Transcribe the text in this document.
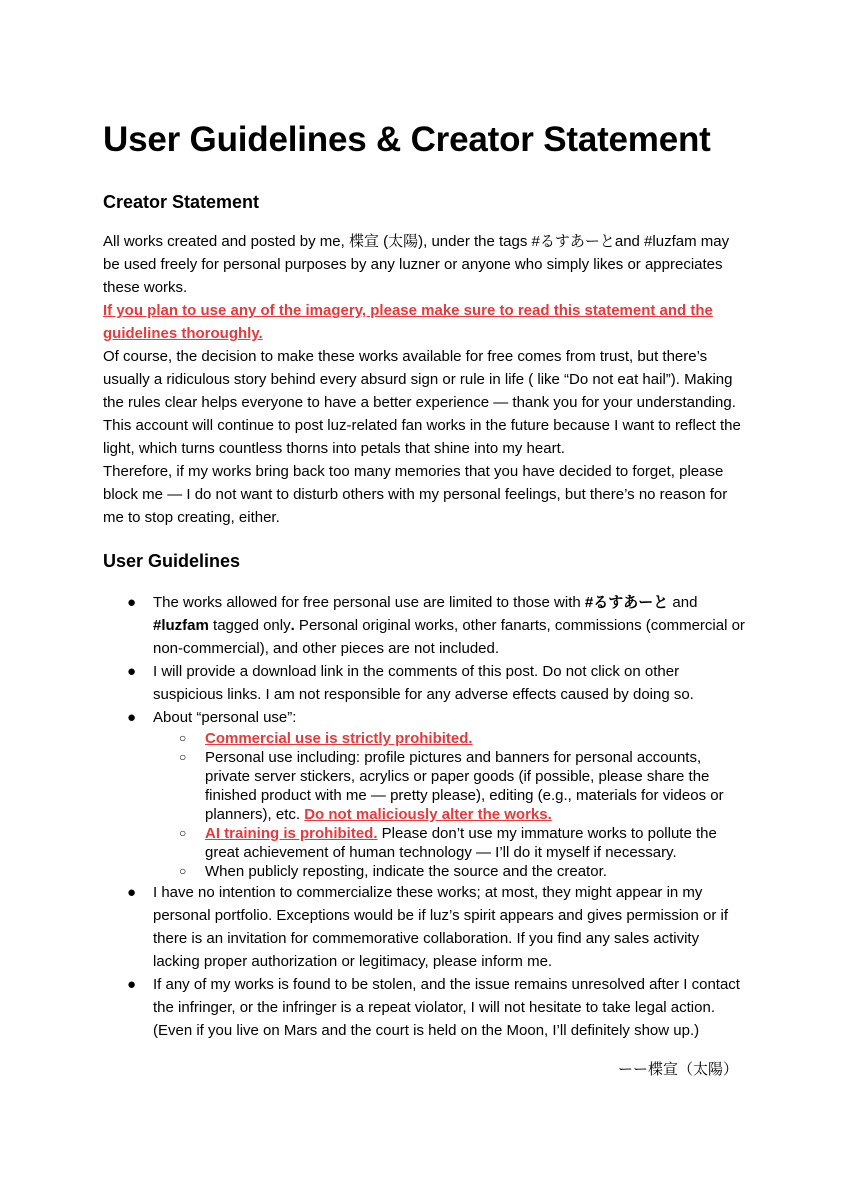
User Guidelines & Creator Statement
Creator Statement

All works created and posted by me, 楪宣 (太陽), under the tags #るすあーとand #luzfam may be used freely for personal purposes by any luzner or anyone who simply likes or appreciates these works.

If you plan to use any of the imagery, please make sure to read this statement and the guidelines thoroughly.

Of course, the decision to make these works available for free comes from trust, but there’s usually a ridiculous story behind every absurd sign or rule in life ( like “Do not eat hail”). Making the rules clear helps everyone to have a better experience — thank you for your understanding.

This account will continue to post luz-related fan works in the future because I want to reflect the light, which turns countless thorns into petals that shine into my heart.

Therefore, if my works bring back too many memories that you have decided to forget, please block me — I do not want to disturb others with my personal feelings, but there’s no reason for me to stop creating, either.

User Guidelines
● The works allowed for free personal use are limited to those with #るすあーと and #luzfam tagged only. Personal original works, other fanarts, commissions (commercial or non-commercial), and other pieces are not included.
● I will provide a download link in the comments of this post. Do not click on other suspicious links. I am not responsible for any adverse effects caused by doing so.
● About “personal use”:
○ Commercial use is strictly prohibited.
○ Personal use including: profile pictures and banners for personal accounts, private server stickers, acrylics or paper goods (if possible, please share the finished product with me — pretty please), editing (e.g., materials for videos or planners), etc. Do not maliciously alter the works.
○ AI training is prohibited. Please don’t use my immature works to pollute the great achievement of human technology — I’ll do it myself if necessary.
○ When publicly reposting, indicate the source and the creator.
● I have no intention to commercialize these works; at most, they might appear in my personal portfolio. Exceptions would be if luz’s spirit appears and gives permission or if there is an invitation for commemorative collaboration. If you find any sales activity lacking proper authorization or legitimacy, please inform me.
● If any of my works is found to be stolen, and the issue remains unresolved after I contact the infringer, or the infringer is a repeat violator, I will not hesitate to take legal action. (Even if you live on Mars and the court is held on the Moon, I’ll definitely show up.)
ーー楪宣（太陽）
